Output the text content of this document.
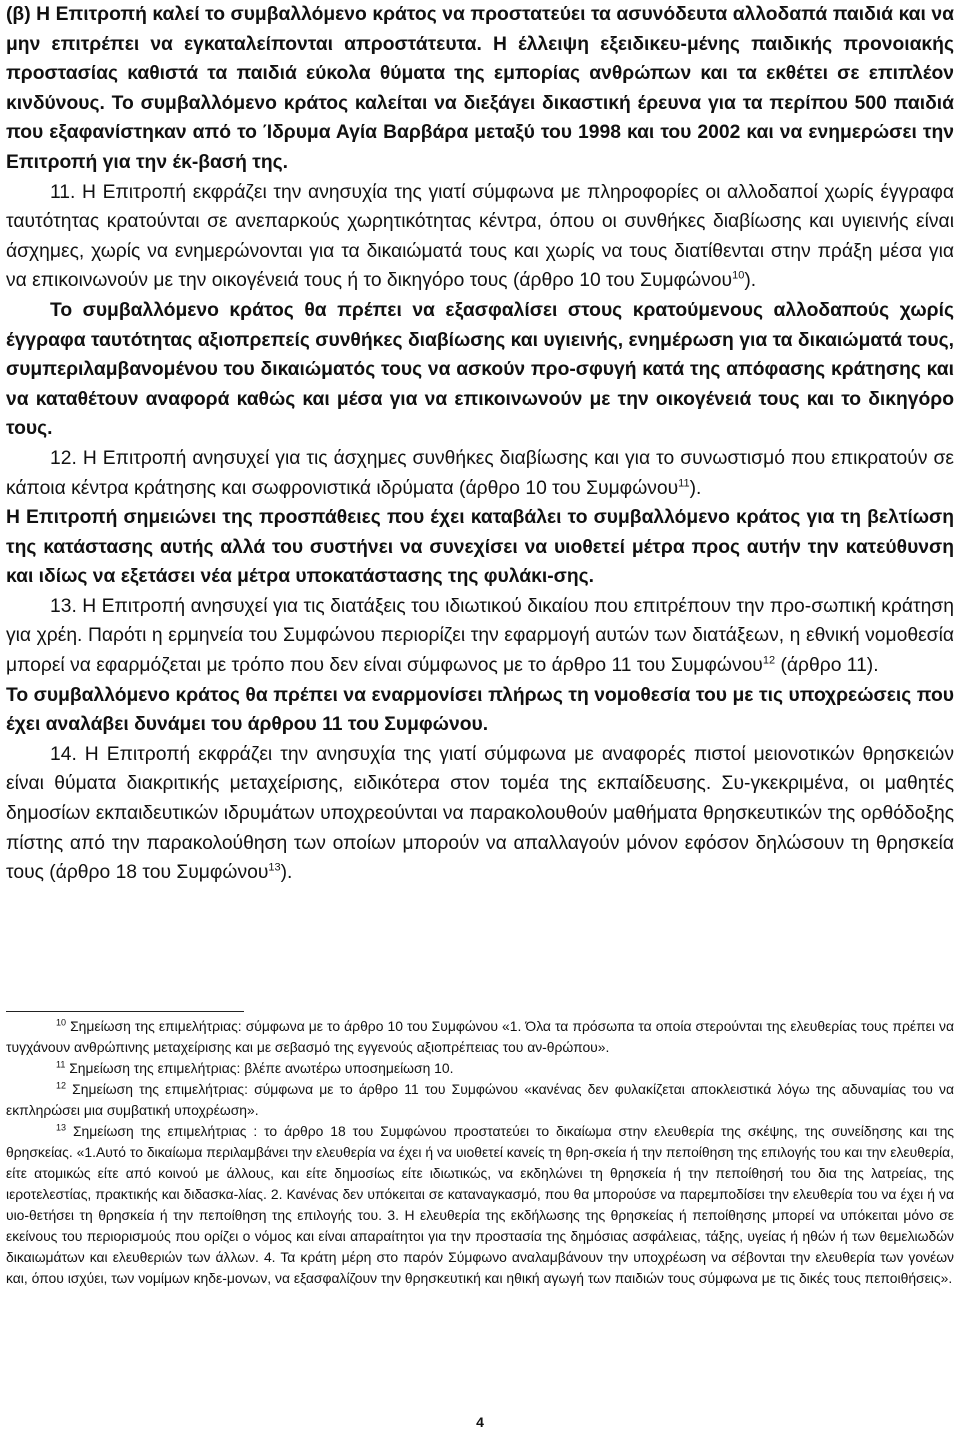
(β) Η Επιτροπή καλεί το συμβαλλόμενο κράτος να προστατεύει τα ασυνόδευτα αλλοδαπά παιδιά και να μην επιτρέπει να εγκαταλείπονται απροστάτευτα. Η έλλειψη εξειδικευ-μένης παιδικής προνοιακής προστασίας καθιστά τα παιδιά εύκολα θύματα της εμπορίας ανθρώπων και τα εκθέτει σε επιπλέον κινδύνους. Το συμβαλλόμενο κράτος καλείται να διεξάγει δικαστική έρευνα για τα περίπου 500 παιδιά που εξαφανίστηκαν από το Ίδρυμα Αγία Βαρβάρα μεταξύ του 1998 και του 2002 και να ενημερώσει την Επιτροπή για την έκ-βασή της.

11. Η Επιτροπή εκφράζει την ανησυχία της γιατί σύμφωνα με πληροφορίες οι αλλοδαποί χωρίς έγγραφα ταυτότητας κρατούνται σε ανεπαρκούς χωρητικότητας κέντρα, όπου οι συνθήκες διαβίωσης και υγιεινής είναι άσχημες, χωρίς να ενημερώνονται για τα δικαιώματά τους και χωρίς να τους διατίθενται στην πράξη μέσα για να επικοινωνούν με την οικογένειά τους ή το δικηγόρο τους (άρθρο 10 του Συμφώνου$^{10}$).

Το συμβαλλόμενο κράτος θα πρέπει να εξασφαλίσει στους κρατούμενους αλλοδαπούς χωρίς έγγραφα ταυτότητας αξιοπρεπείς συνθήκες διαβίωσης και υγιεινής, ενημέρωση για τα δικαιώματά τους, συμπεριλαμβανομένου του δικαιώματός τους να ασκούν προ-σφυγή κατά της απόφασης κράτησης και να καταθέτουν αναφορά καθώς και μέσα για να επικοινωνούν με την οικογένειά τους και το δικηγόρο τους.

12. Η Επιτροπή ανησυχεί για τις άσχημες συνθήκες διαβίωσης και για το συνωστισμό που επικρατούν σε κάποια κέντρα κράτησης και σωφρονιστικά ιδρύματα (άρθρο 10 του Συμφώνου$^{11}$).

Η Επιτροπή σημειώνει της προσπάθειες που έχει καταβάλει το συμβαλλόμενο κράτος για τη βελτίωση της κατάστασης αυτής αλλά του συστήνει να συνεχίσει να υιοθετεί μέτρα προς αυτήν την κατεύθυνση και ιδίως να εξετάσει νέα μέτρα υποκατάστασης της φυλάκι-σης.

13. Η Επιτροπή ανησυχεί για τις διατάξεις του ιδιωτικού δικαίου που επιτρέπουν την προ-σωπική κράτηση για χρέη. Παρότι η ερμηνεία του Συμφώνου περιορίζει την εφαρμογή αυτών των διατάξεων, η εθνική νομοθεσία μπορεί να εφαρμόζεται με τρόπο που δεν είναι σύμφωνος με το άρθρο 11 του Συμφώνου$^{12}$ (άρθρο 11).

Το συμβαλλόμενο κράτος θα πρέπει να εναρμονίσει πλήρως τη νομοθεσία του με τις υποχρεώσεις που έχει αναλάβει δυνάμει του άρθρου 11 του Συμφώνου.

14. Η Επιτροπή εκφράζει την ανησυχία της γιατί σύμφωνα με αναφορές πιστοί μειονοτικών θρησκειών είναι θύματα διακριτικής μεταχείρισης, ειδικότερα στον τομέα της εκπαίδευσης. Συ-γκεκριμένα, οι μαθητές δημοσίων εκπαιδευτικών ιδρυμάτων υποχρεούνται να παρακολουθούν μαθήματα θρησκευτικών της ορθόδοξης πίστης από την παρακολούθηση των οποίων μπορούν να απαλλαγούν μόνον εφόσον δηλώσουν τη θρησκεία τους (άρθρο 18 του Συμφώνου$^{13}$).

$^{10}$ Σημείωση της επιμελήτριας: σύμφωνα με το άρθρο 10 του Συμφώνου «1. Όλα τα πρόσωπα τα οποία στερούνται της ελευθερίας τους πρέπει να τυγχάνουν ανθρώπινης μεταχείρισης και με σεβασμό της εγγενούς αξιοπρέπειας του αν-θρώπου».

$^{11}$ Σημείωση της επιμελήτριας: βλέπε ανωτέρω υποσημείωση 10.

$^{12}$ Σημείωση της επιμελήτριας: σύμφωνα με το άρθρο 11 του Συμφώνου «κανένας δεν φυλακίζεται αποκλειστικά λόγω της αδυναμίας του να εκπληρώσει μια συμβατική υποχρέωση».

$^{13}$ Σημείωση της επιμελήτριας : το άρθρο 18 του Συμφώνου προστατεύει το δικαίωμα στην ελευθερία της σκέψης, της συνείδησης και της θρησκείας. «1.Αυτό το δικαίωμα περιλαμβάνει την ελευθερία να έχει ή να υιοθετεί κανείς τη θρη-σκεία ή την πεποίθηση της επιλογής του και την ελευθερία, είτε ατομικώς είτε από κοινού με άλλους, και είτε δημοσίως είτε ιδιωτικώς, να εκδηλώνει τη θρησκεία ή την πεποίθησή του δια της λατρείας, της ιεροτελεστίας, πρακτικής και διδασκα-λίας. 2. Κανένας δεν υπόκειται σε καταναγκασμό, που θα μπορούσε να παρεμποδίσει την ελευθερία του να έχει ή να υιο-θετήσει τη θρησκεία ή την πεποίθηση της επιλογής του. 3. Η ελευθερία της εκδήλωσης της θρησκείας ή πεποίθησης μπορεί να υπόκειται μόνο σε εκείνους του περιορισμούς που ορίζει ο νόμος και είναι απαραίτητοι για την προστασία της δημόσιας ασφάλειας, τάξης, υγείας ή ηθών ή των θεμελιωδών δικαιωμάτων και ελευθεριών των άλλων. 4. Τα κράτη μέρη στο παρόν Σύμφωνο αναλαμβάνουν την υποχρέωση να σέβονται την ελευθερία των γονέων και, όπου ισχύει, των νομίμων κηδε-μονων, να εξασφαλίζουν την θρησκευτική και ηθική αγωγή των παιδιών τους σύμφωνα με τις δικές τους πεποιθήσεις».

4
